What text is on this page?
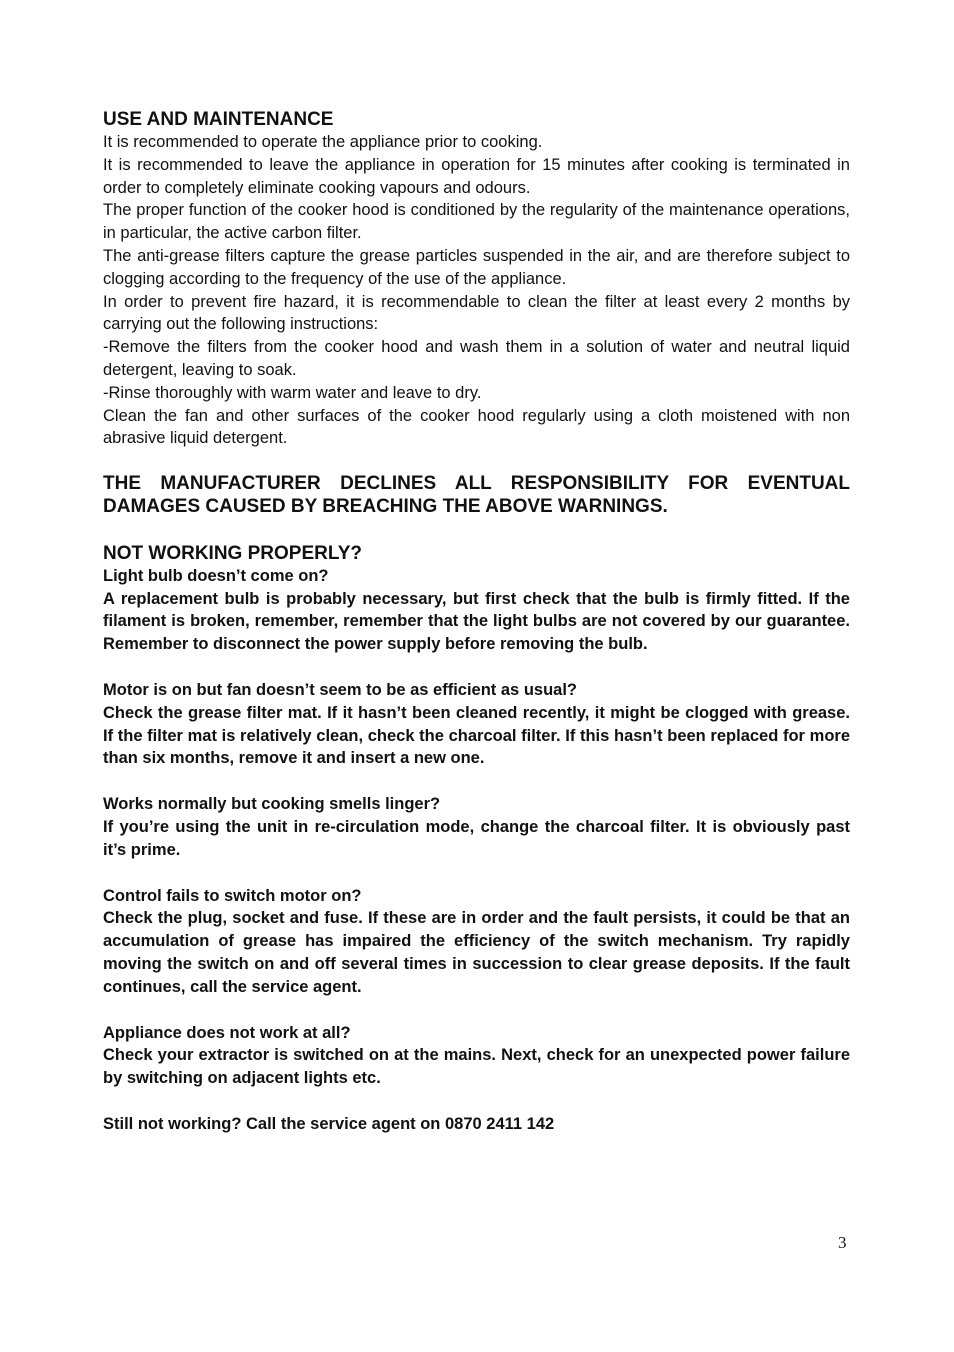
USE AND MAINTENANCE

It is recommended to operate the appliance prior to cooking.

It is recommended to leave the appliance in operation for 15 minutes after cooking is terminated in order to completely eliminate cooking vapours and odours.

The proper function of the cooker hood is conditioned by the regularity of the maintenance operations, in particular, the active carbon filter.

The anti-grease filters capture the grease particles suspended in the air, and are therefore subject to clogging according to the frequency of the use of the appliance.

In order to prevent fire hazard, it is recommendable to clean the filter at least every 2 months by carrying out the following instructions:

-Remove the filters from the cooker hood and wash them in a solution of water and neutral liquid detergent, leaving to soak.

-Rinse thoroughly with warm water and leave to dry.

Clean the fan and other surfaces of the cooker hood regularly using a cloth moistened with non abrasive liquid detergent.

THE MANUFACTURER DECLINES ALL RESPONSIBILITY FOR EVENTUAL DAMAGES CAUSED BY BREACHING THE ABOVE WARNINGS.

NOT WORKING PROPERLY?

Light bulb doesn’t come on?

A replacement bulb is probably necessary, but first check that the bulb is firmly fitted. If the filament is broken, remember, remember that the light bulbs are not covered by our guarantee. Remember to disconnect the power supply before removing the bulb.

Motor is on but fan doesn’t seem to be as efficient as usual?

Check the grease filter mat. If it hasn’t been cleaned recently, it might be clogged with grease. If the filter mat is relatively clean, check the charcoal filter. If this hasn’t been replaced for more than six months, remove it and insert a new one.

Works normally but cooking smells linger?

If you’re using the unit in re-circulation mode, change the charcoal filter. It is obviously past it’s prime.

Control fails to switch motor on?

Check the plug, socket and fuse. If these are in order and the fault persists, it could be that an accumulation of grease has impaired the efficiency of the switch mechanism. Try rapidly moving the switch on and off several times in succession to clear grease deposits. If the fault continues, call the service agent.

Appliance does not work at all?

Check your extractor is switched on at the mains. Next, check for an unexpected power failure by switching on adjacent lights etc.

Still not working? Call the service agent on 0870 2411 142

3
